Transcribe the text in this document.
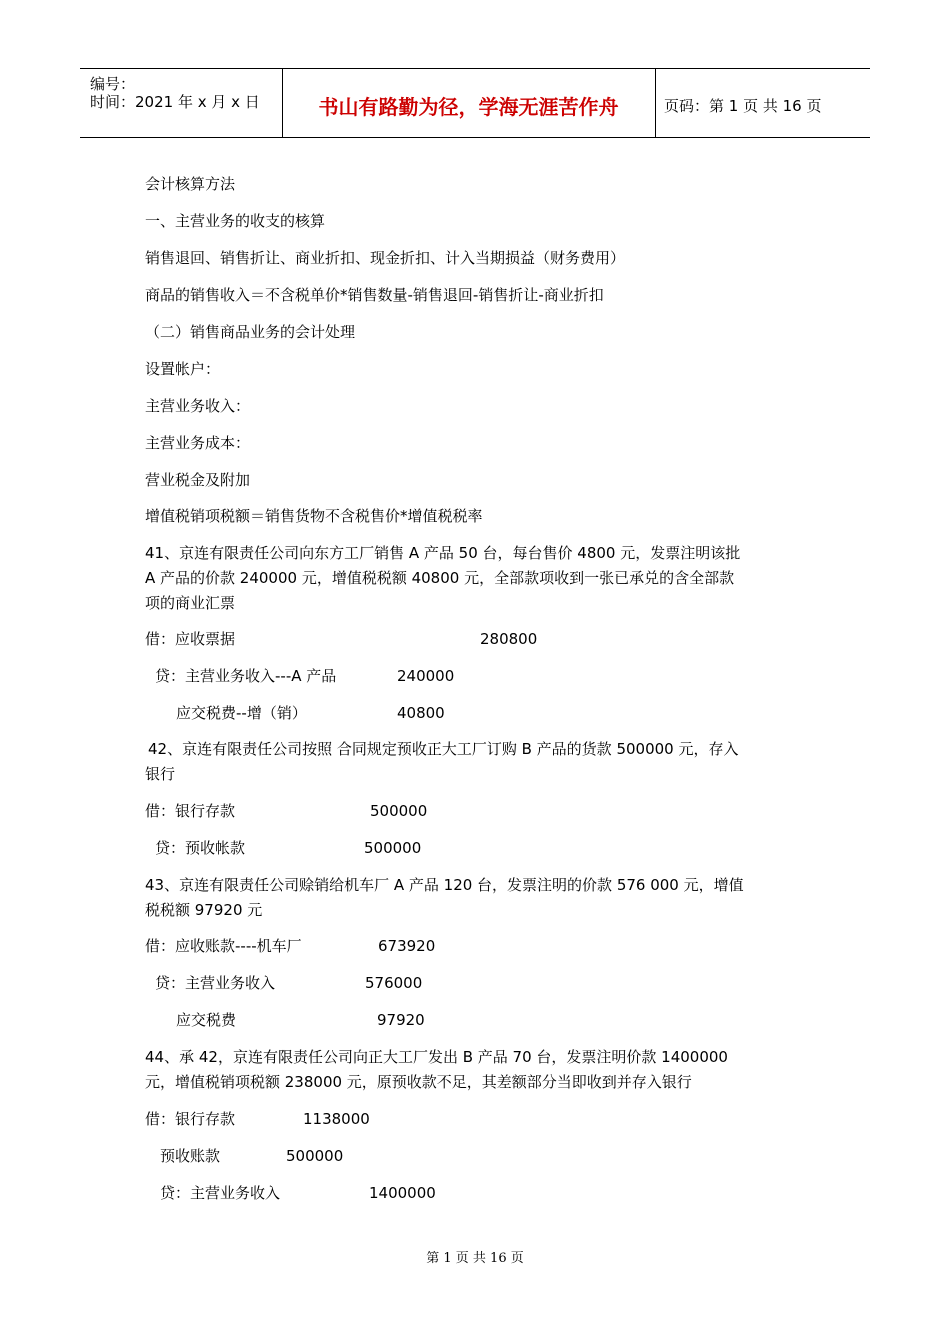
编号：
时间：2021 年 x 月 x 日	书山有路勤为径，学海无涯苦作舟	页码：第 1 页 共 16 页
会计核算方法
一、主营业务的收支的核算
销售退回、销售折让、商业折扣、现金折扣、计入当期损益（财务费用）
商品的销售收入＝不含税单价*销售数量-销售退回-销售折让-商业折扣
（二）销售商品业务的会计处理
设置帐户：
主营业务收入：
主营业务成本：
营业税金及附加
增值税销项税额＝销售货物不含税售价*增值税税率
41、京连有限责任公司向东方工厂销售 A 产品 50 台，每台售价 4800 元，发票注明该批
A 产品的价款 240000 元，增值税税额 40800 元，全部款项收到一张已承兑的含全部款
项的商业汇票
借：应收票据	280800
贷：主营业务收入---A 产品	240000
应交税费--增（销）	40800
42、京连有限责任公司按照 合同规定预收正大工厂订购 B 产品的货款 500000 元，存入
银行
借：银行存款	500000
贷：预收帐款	500000
43、京连有限责任公司赊销给机车厂 A 产品 120 台，发票注明的价款 576 000 元，增值
税税额 97920 元
借：应收账款----机车厂	673920
贷：主营业务收入	576000
应交税费	97920
44、承 42，京连有限责任公司向正大工厂发出 B 产品 70 台，发票注明价款 1400000
元，增值税销项税额 238000 元，原预收款不足，其差额部分当即收到并存入银行
借：银行存款	1138000
预收账款	500000
贷：主营业务收入	1400000
第 1 页 共 16 页
